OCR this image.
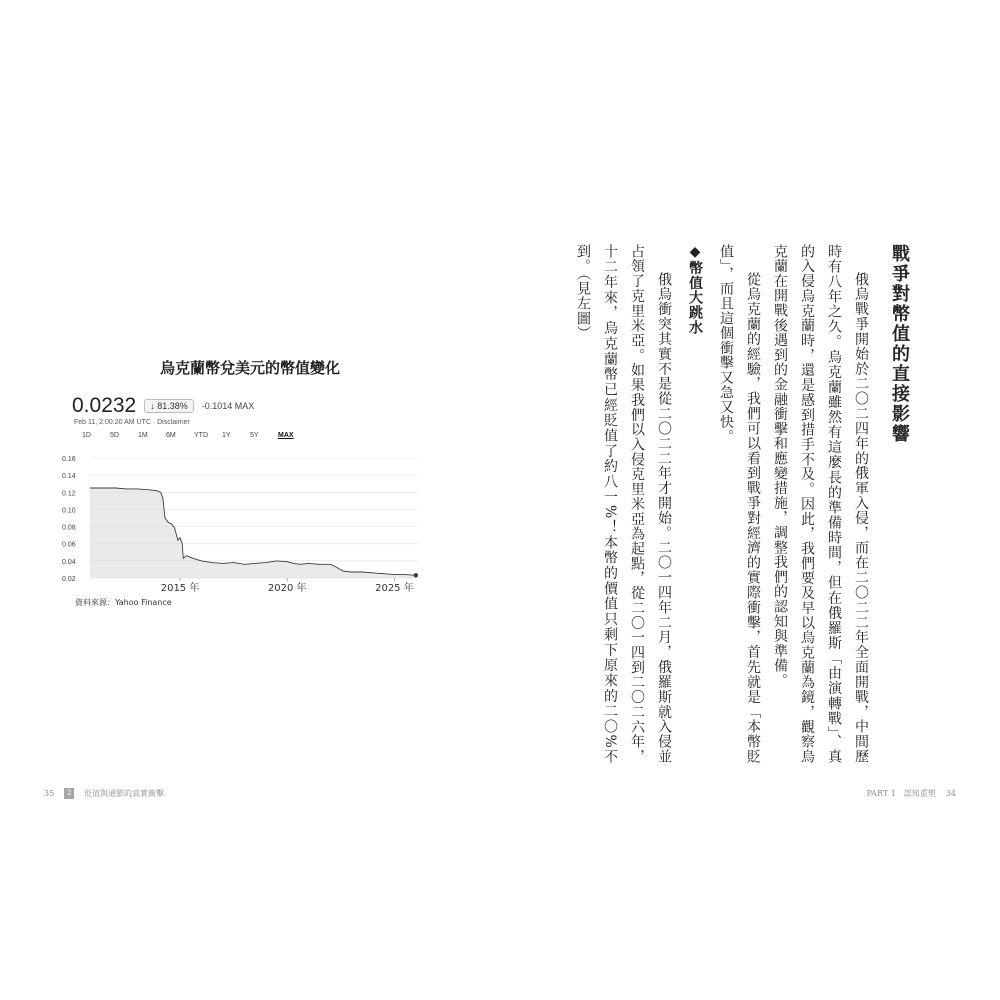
烏克蘭幣兌美元的幣值變化
0.0232	↓ 81.38%	-0.1014 MAX
Feb 11, 2:00:20 AM UTC · Disclaimer
1D	5D	1M	6M	YTD	1Y	5Y	MAX
0.16
0.14
0.12
0.10
0.08
0.06
0.04
0.02
2015 年	2020 年	2025 年
資料來源：Yahoo Finance
35	2	貶值與通膨的真實衝擊
戰爭對幣值的直接影響

俄烏戰爭開始於二〇二四年的俄軍入侵，而在二〇二二年全面開戰，中間歷時有八年之久。烏克蘭雖然有這麼長的準備時間，但在俄羅斯「由演轉戰」、真的入侵烏克蘭時，還是感到措手不及。因此，我們要及早以烏克蘭為鏡，觀察烏克蘭在開戰後遇到的金融衝擊和應變措施，調整我們的認知與準備。

從烏克蘭的經驗，我們可以看到戰爭對經濟的實際衝擊，首先就是「本幣貶值」，而且這個衝擊又急又快。

◆幣值大跳水

俄烏衝突其實不是從二〇二二年才開始。二〇一四年二月，俄羅斯就入侵並占領了克里米亞。如果我們以入侵克里米亞為起點，從二〇一四到二〇二六年，十二年來，烏克蘭幣已經貶值了約八一%！本幣的價值只剩下原來的二〇%不到。（見左圖）

PART 1　認知重塑 34
